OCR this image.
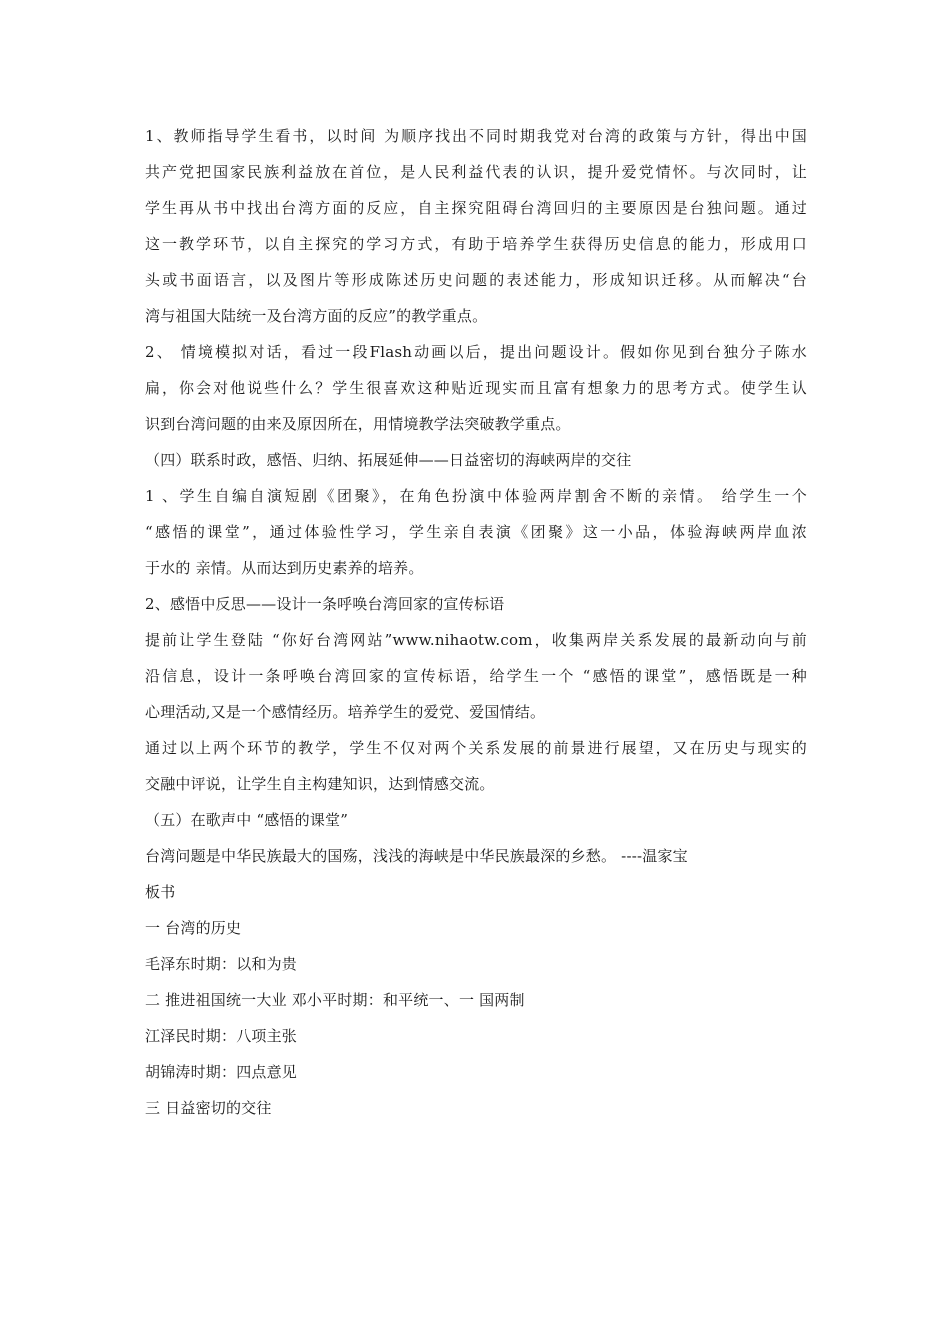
1、教师指导学生看书，以时间 为顺序找出不同时期我党对台湾的政策与方针，得出中国
共产党把国家民族利益放在首位，是人民利益代表的认识，提升爱党情怀。与次同时，让
学生再从书中找出台湾方面的反应，自主探究阻碍台湾回归的主要原因是台独问题。通过
这一教学环节，以自主探究的学习方式，有助于培养学生获得历史信息的能力，形成用口
头或书面语言，以及图片等形成陈述历史问题的表述能力，形成知识迁移。从而解决“台
湾与祖国大陆统一及台湾方面的反应”的教学重点。
2、 情境模拟对话，看过一段Flash动画以后，提出问题设计。假如你见到台独分子陈水
扁，你会对他说些什么？学生很喜欢这种贴近现实而且富有想象力的思考方式。使学生认
识到台湾问题的由来及原因所在，用情境教学法突破教学重点。
（四）联系时政，感悟、归纳、拓展延伸——日益密切的海峡两岸的交往
1 、学生自编自演短剧《团聚》，在角色扮演中体验两岸割舍不断的亲情。 给学生一个
“感悟的课堂”，通过体验性学习，学生亲自表演《团聚》这一小品，体验海峡两岸血浓
于水的 亲情。从而达到历史素养的培养。
2、感悟中反思——设计一条呼唤台湾回家的宣传标语
提前让学生登陆 “你好台湾网站”www.nihaotw.com，收集两岸关系发展的最新动向与前
沿信息，设计一条呼唤台湾回家的宣传标语，给学生一个 “感悟的课堂”，感悟既是一种
心理活动,又是一个感情经历。培养学生的爱党、爱国情结。
通过以上两个环节的教学，学生不仅对两个关系发展的前景进行展望，又在历史与现实的
交融中评说，让学生自主构建知识，达到情感交流。
（五）在歌声中 “感悟的课堂”
台湾问题是中华民族最大的国殇，浅浅的海峡是中华民族最深的乡愁。 ----温家宝
板书
一 台湾的历史
毛泽东时期：以和为贵
二 推进祖国统一大业 邓小平时期：和平统一、一 国两制
江泽民时期：八项主张
胡锦涛时期：四点意见
三 日益密切的交往
